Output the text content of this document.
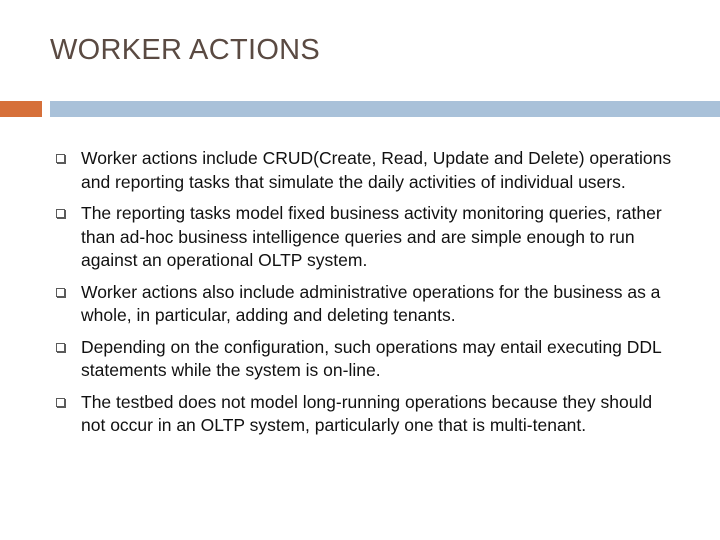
WORKER ACTIONS
Worker actions include CRUD(Create, Read, Update and Delete) operations and reporting tasks that simulate the daily activities of individual users.
The reporting tasks model fixed business activity monitoring queries, rather than ad-hoc business intelligence queries and are simple enough to run against an operational OLTP system.
Worker actions also include administrative operations for the business as a whole, in particular, adding and deleting tenants.
Depending on the configuration, such operations may entail executing DDL statements while the system is on-line.
The testbed does not model long-running operations because they should not occur in an OLTP system, particularly one that is multi-tenant.
